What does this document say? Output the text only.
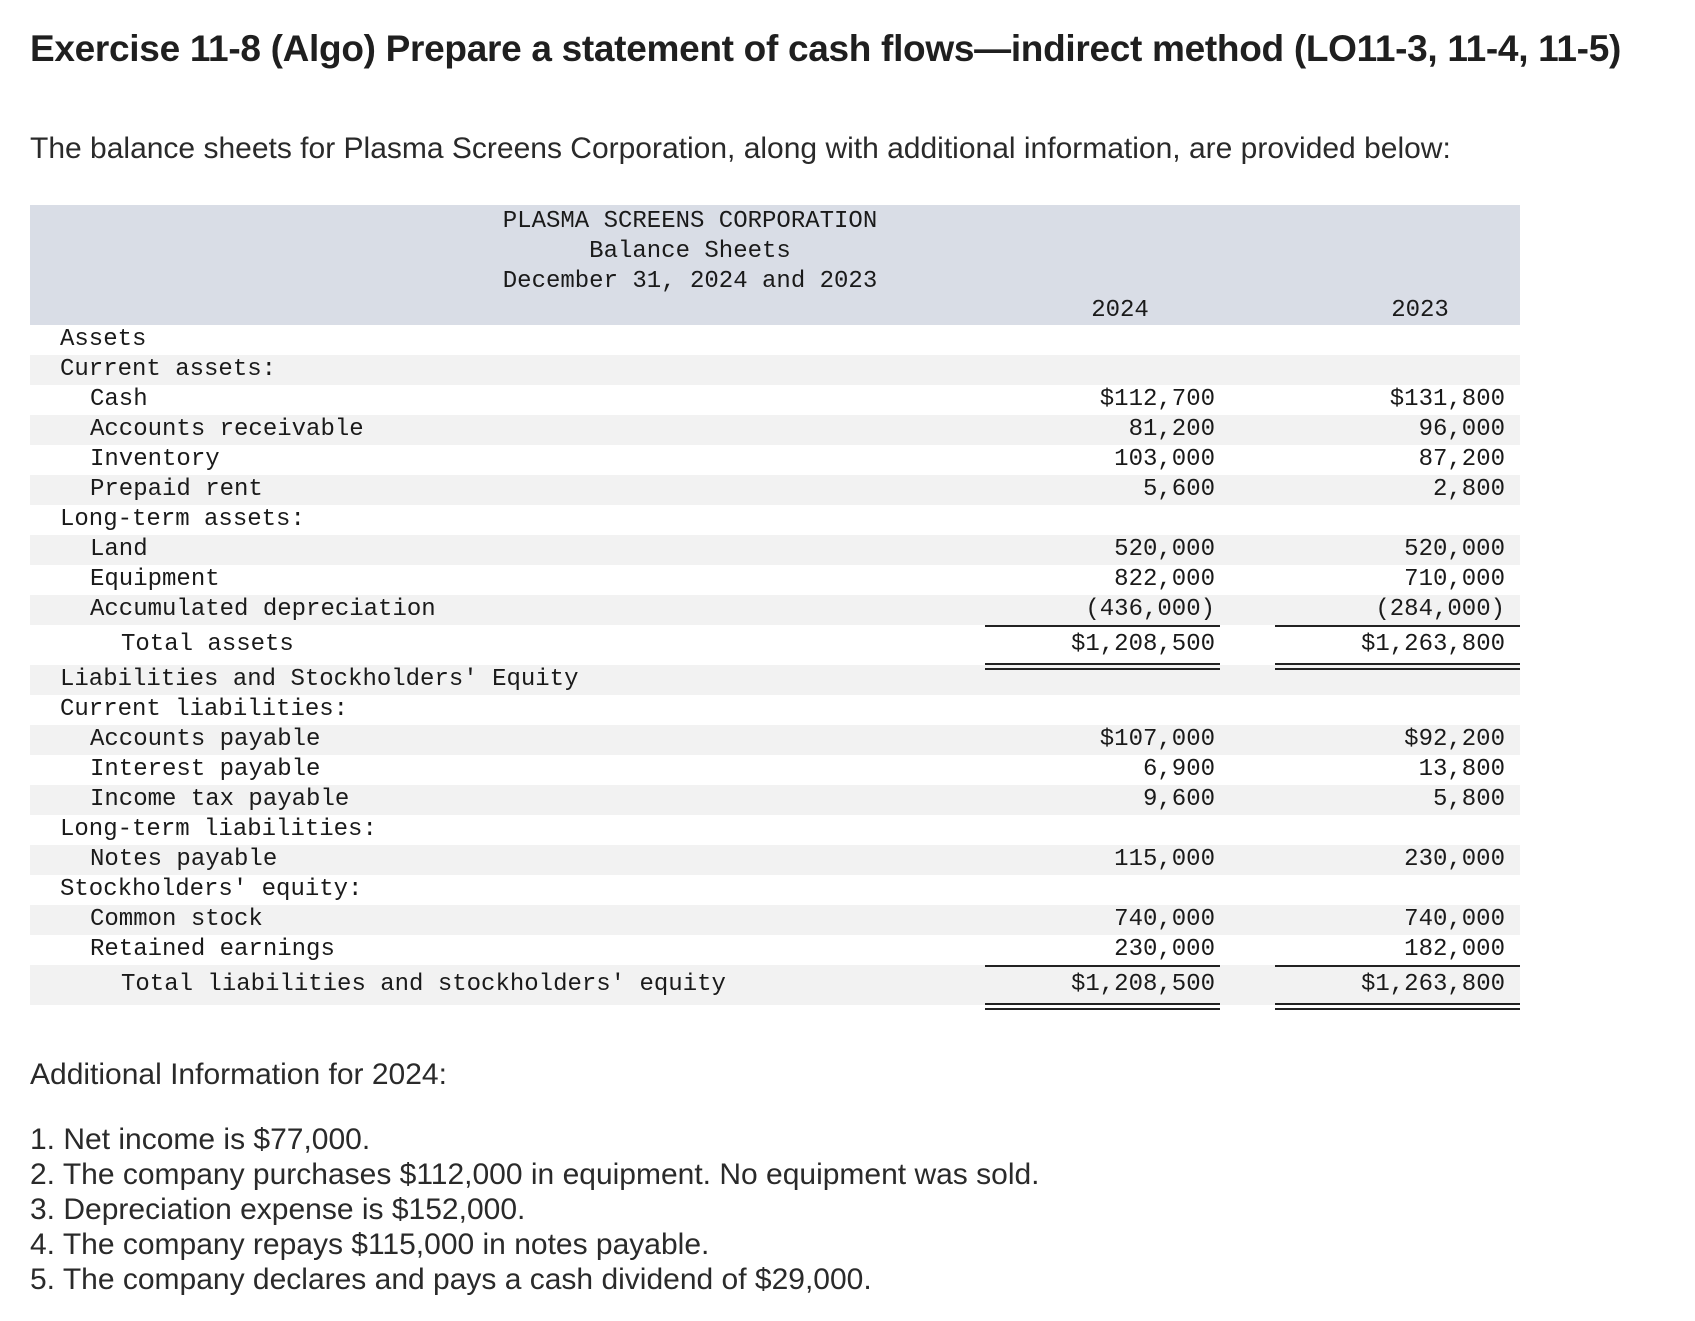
Exercise 11-8 (Algo) Prepare a statement of cash flows—indirect method (LO11-3, 11-4, 11-5)

The balance sheets for Plasma Screens Corporation, along with additional information, are provided below:

PLASMA SCREENS CORPORATION
Balance Sheets
December 31, 2024 and 2023
2024	2023
Assets
Current assets:
Cash	$112,700	$131,800
Accounts receivable	81,200	96,000
Inventory	103,000	87,200
Prepaid rent	5,600	2,800
Long-term assets:
Land	520,000	520,000
Equipment	822,000	710,000
Accumulated depreciation	(436,000)	(284,000)
Total assets	$1,208,500	$1,263,800
Liabilities and Stockholders' Equity
Current liabilities:
Accounts payable	$107,000	$92,200
Interest payable	6,900	13,800
Income tax payable	9,600	5,800
Long-term liabilities:
Notes payable	115,000	230,000
Stockholders' equity:
Common stock	740,000	740,000
Retained earnings	230,000	182,000
Total liabilities and stockholders' equity	$1,208,500	$1,263,800

Additional Information for 2024:

1. Net income is $77,000.
2. The company purchases $112,000 in equipment. No equipment was sold.
3. Depreciation expense is $152,000.
4. The company repays $115,000 in notes payable.
5. The company declares and pays a cash dividend of $29,000.
